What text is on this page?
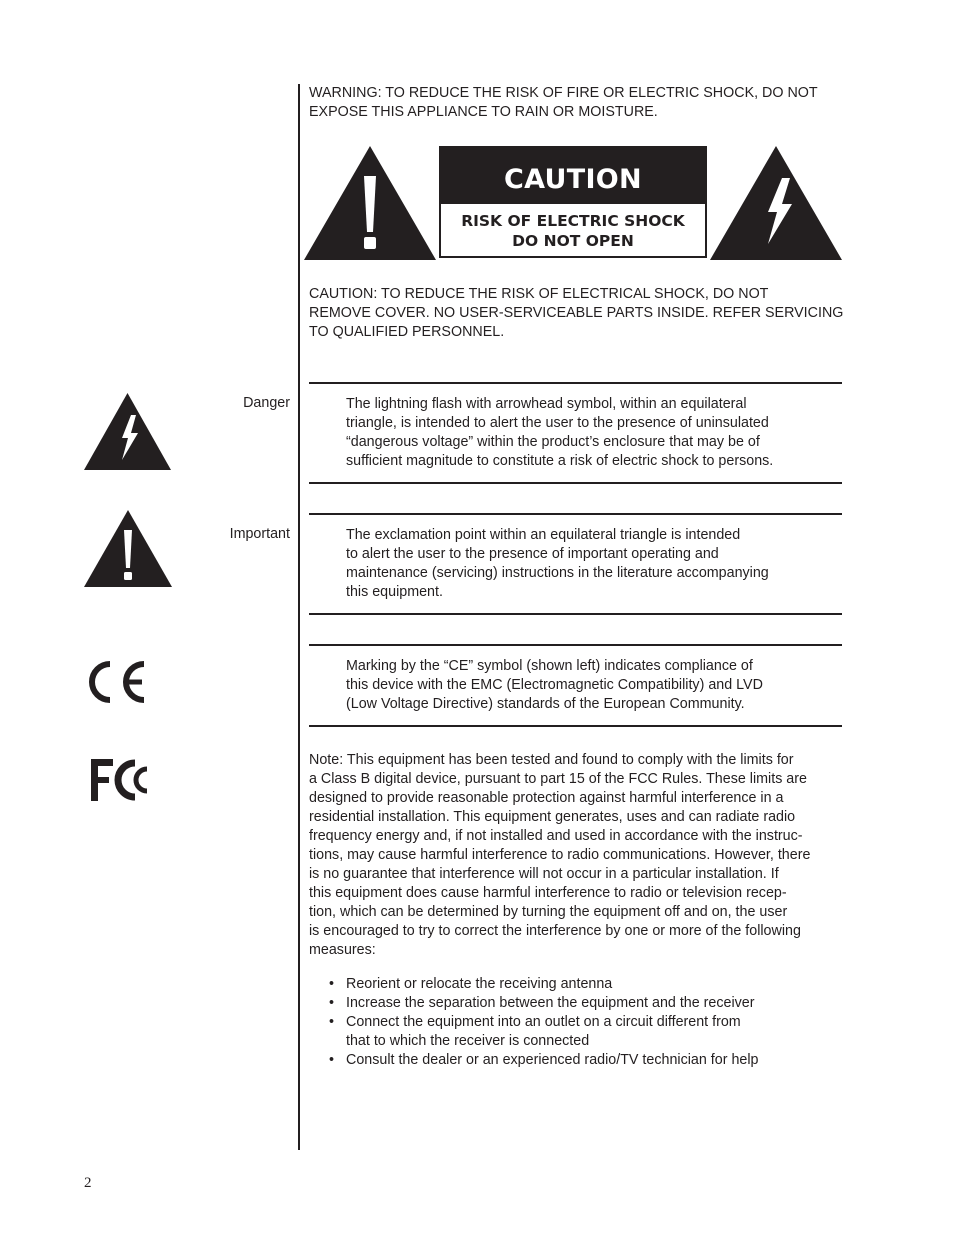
WARNING: TO REDUCE THE RISK OF FIRE OR ELECTRIC SHOCK, DO NOT
EXPOSE THIS APPLIANCE TO RAIN OR MOISTURE.
CAUTION
RISK OF ELECTRIC SHOCK
DO NOT OPEN
CAUTION: TO REDUCE THE RISK OF ELECTRICAL SHOCK, DO NOT
REMOVE COVER. NO USER-SERVICEABLE PARTS INSIDE. REFER SERVICING
TO QUALIFIED PERSONNEL.
Danger	The lightning flash with arrowhead symbol, within an equilateral
triangle, is intended to alert the user to the presence of uninsulated
“dangerous voltage” within the product’s enclosure that may be of
sufficient magnitude to constitute a risk of electric shock to persons.
Important	The exclamation point within an equilateral triangle is intended
to alert the user to the presence of important operating and
maintenance (servicing) instructions in the literature accompanying
this equipment.
CE	Marking by the “CE” symbol (shown left) indicates compliance of
this device with the EMC (Electromagnetic Compatibility) and LVD
(Low Voltage Directive) standards of the European Community.
FC	Note: This equipment has been tested and found to comply with the limits for
a Class B digital device, pursuant to part 15 of the FCC Rules. These limits are
designed to provide reasonable protection against harmful interference in a
residential installation. This equipment generates, uses and can radiate radio
frequency energy and, if not installed and used in accordance with the instruc-
tions, may cause harmful interference to radio communications. However, there
is no guarantee that interference will not occur in a particular installation. If
this equipment does cause harmful interference to radio or television recep-
tion, which can be determined by turning the equipment off and on, the user
is encouraged to try to correct the interference by one or more of the following
measures:
• Reorient or relocate the receiving antenna
• Increase the separation between the equipment and the receiver
• Connect the equipment into an outlet on a circuit different from
that to which the receiver is connected
• Consult the dealer or an experienced radio/TV technician for help
2
